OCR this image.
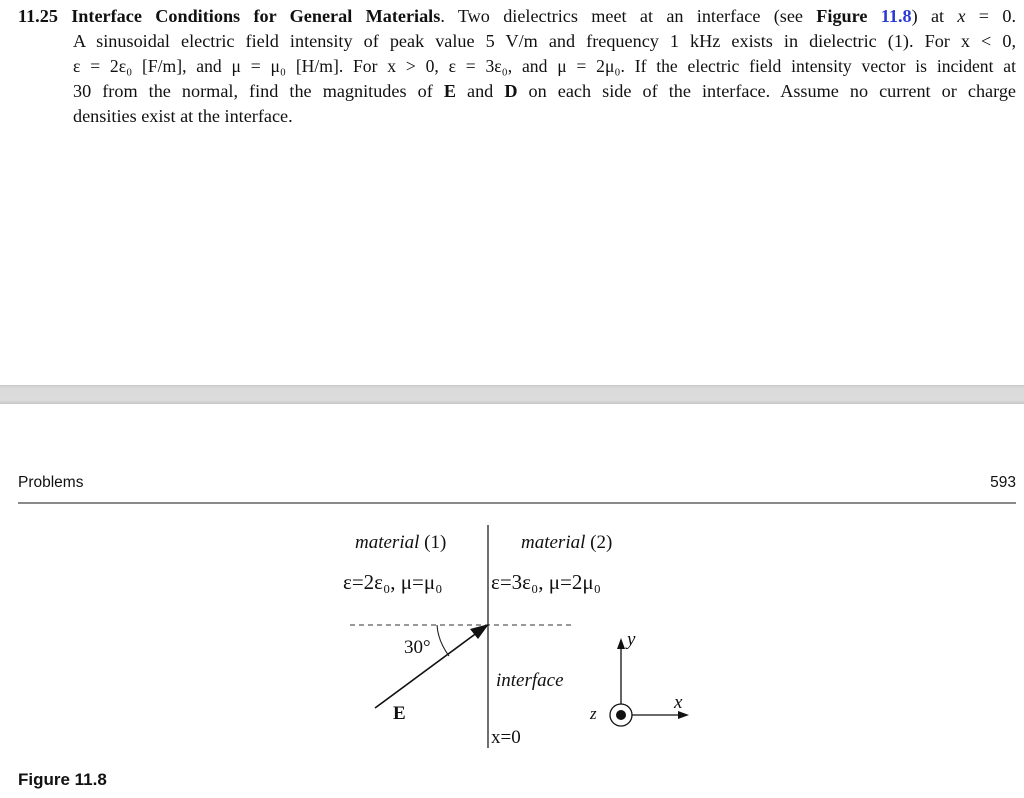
11.25 Interface Conditions for General Materials. Two dielectrics meet at an interface (see Figure 11.8) at x = 0.
A sinusoidal electric field intensity of peak value 5 V/m and frequency 1 kHz exists in dielectric (1). For x < 0,
ε = 2ε₀ [F/m], and μ = μ₀ [H/m]. For x > 0, ε = 3ε₀, and μ = 2μ₀. If the electric field intensity vector is incident at
30 from the normal, find the magnitudes of E and D on each side of the interface. Assume no current or charge
densities exist at the interface.
Problems	593
material (1)	material (2)
ε=2ε₀, μ=μ₀ ε=3ε₀, μ=2μ₀
30°
E
interface
x=0
y
x
z
Figure 11.8
